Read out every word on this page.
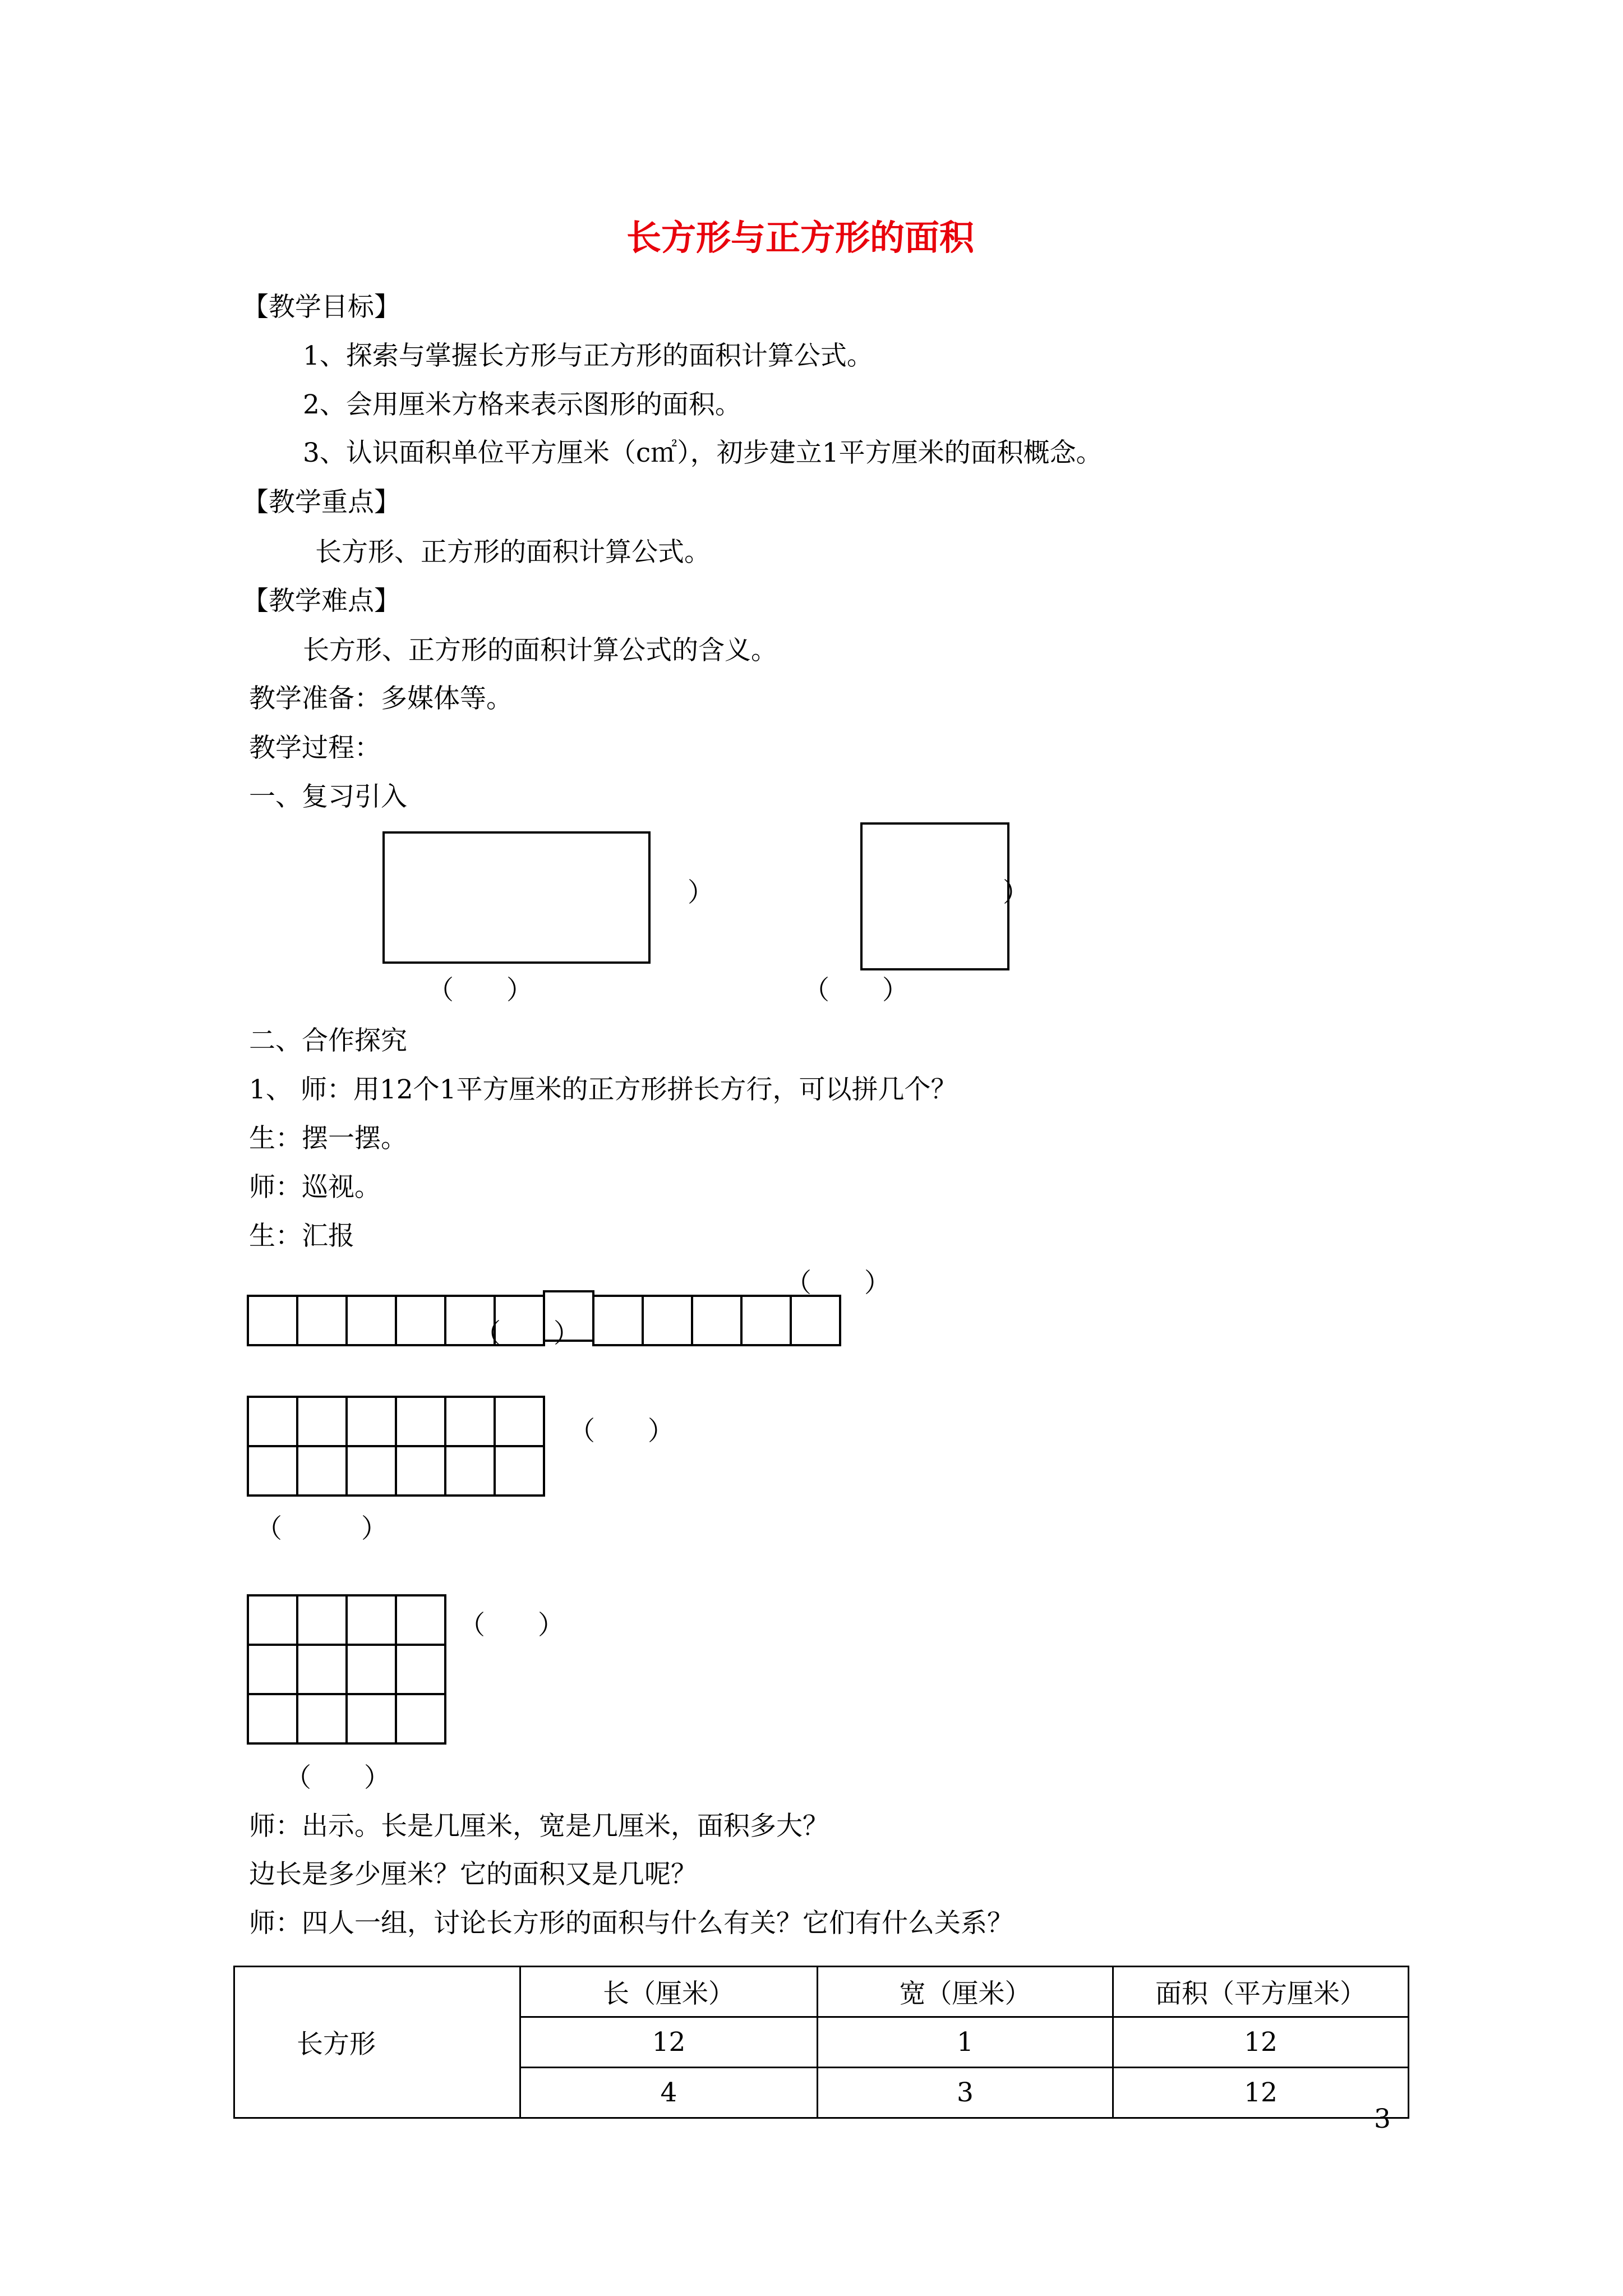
长方形与正方形的面积
【教学目标】
1、探索与掌握长方形与正方形的面积计算公式。
2、会用厘米方格来表示图形的面积。
3、认识面积单位平方厘米（c㎡），初步建立1平方厘米的面积概念。
【教学重点】
长方形、正方形的面积计算公式。
【教学难点】
长方形、正方形的面积计算公式的含义。
教学准备：多媒体等。
教学过程：
一、复习引入
）	）
（　　）	（　　）
二、合作探究
1、 师：用12个1平方厘米的正方形拼长方行，可以拼几个？
生：摆一摆。
师：巡视。
生：汇报
（　　）
（　　）
（　　）
（　　　）
（　　）
（　　）
师：出示。长是几厘米，宽是几厘米，面积多大？
边长是多少厘米？它的面积又是几呢？
师：四人一组，讨论长方形的面积与什么有关？它们有什么关系？
长方形	长（厘米）	宽（厘米）	面积（平方厘米）
	12	1	12
	4	3	12
3
